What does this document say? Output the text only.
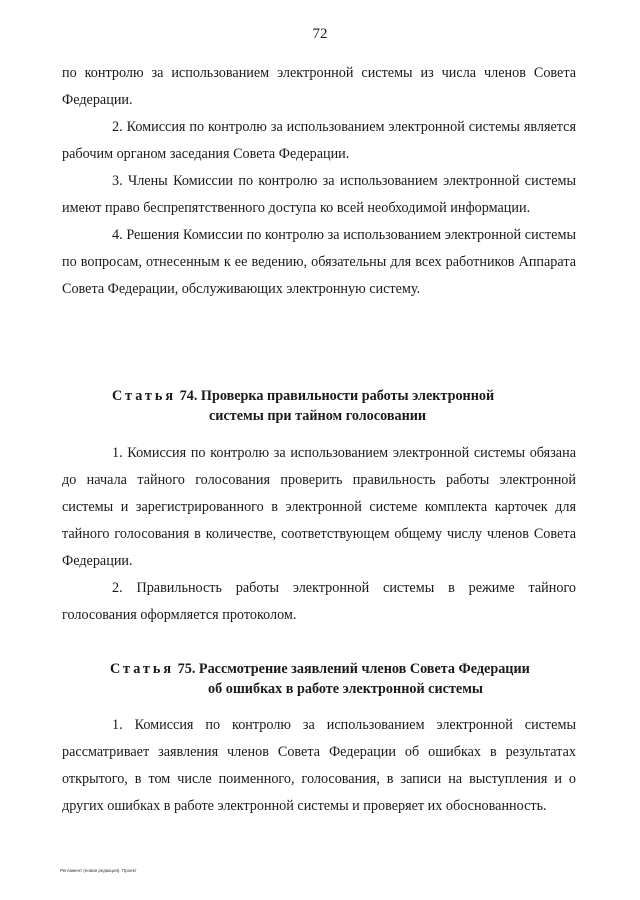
72

по контролю за использованием электронной системы из числа членов Совета Федерации.

2. Комиссия по контролю за использованием электронной системы является рабочим органом заседания Совета Федерации.

3. Члены Комиссии по контролю за использованием электронной системы имеют право беспрепятственного доступа ко всей необходимой информации.

4. Решения Комиссии по контролю за использованием электронной системы по вопросам, отнесенным к ее ведению, обязательны для всех работников Аппарата Совета Федерации, обслуживающих электронную систему.

Статья 74. Проверка правильности работы электронной
системы при тайном голосовании

1. Комиссия по контролю за использованием электронной системы обязана до начала тайного голосования проверить правильность работы электронной системы и зарегистрированного в электронной системе комплекта карточек для тайного голосования в количестве, соответствующем общему числу членов Совета Федерации.

2. Правильность работы электронной системы в режиме тайного голосования оформляется протоколом.

Статья 75. Рассмотрение заявлений членов Совета Федерации
об ошибках в работе электронной системы

1. Комиссия по контролю за использованием электронной системы рассматривает заявления членов Совета Федерации об ошибках в результатах открытого, в том числе поименного, голосования, в записи на выступления и о других ошибках в работе электронной системы и проверяет их обоснованность.

Регламент (новая редакция). Проект
